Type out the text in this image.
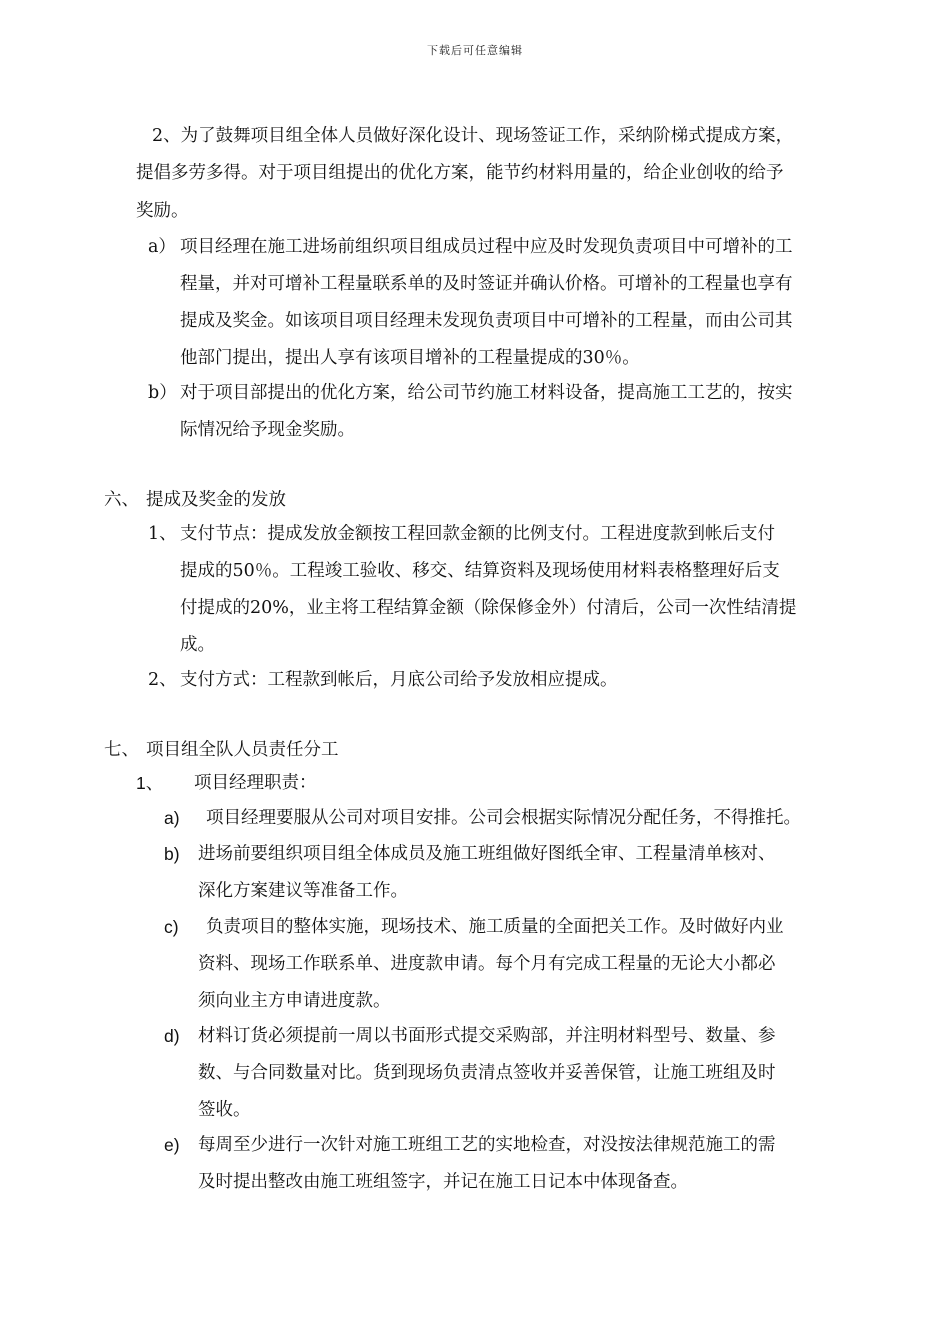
下载后可任意编辑
2、为了鼓舞项目组全体人员做好深化设计、现场签证工作，采纳阶梯式提成方案，
提倡多劳多得。对于项目组提出的优化方案，能节约材料用量的，给企业创收的给予
奖励。
a） 项目经理在施工进场前组织项目组成员过程中应及时发现负责项目中可增补的工
程量，并对可增补工程量联系单的及时签证并确认价格。可增补的工程量也享有
提成及奖金。如该项目项目经理未发现负责项目中可增补的工程量，而由公司其
他部门提出，提出人享有该项目增补的工程量提成的30％。
b） 对于项目部提出的优化方案，给公司节约施工材料设备，提高施工工艺的，按实
际情况给予现金奖励。
六、 提成及奖金的发放
1、 支付节点：提成发放金额按工程回款金额的比例支付。工程进度款到帐后支付
提成的50％。工程竣工验收、移交、结算资料及现场使用材料表格整理好后支
付提成的20%，业主将工程结算金额（除保修金外）付清后，公司一次性结清提
成。
2、 支付方式：工程款到帐后，月底公司给予发放相应提成。
七、 项目组全队人员责任分工
1、 项目经理职责：
a) 项目经理要服从公司对项目安排。公司会根据实际情况分配任务，不得推托。
b) 进场前要组织项目组全体成员及施工班组做好图纸全审、工程量清单核对、
深化方案建议等准备工作。
c) 负责项目的整体实施，现场技术、施工质量的全面把关工作。及时做好内业
资料、现场工作联系单、进度款申请。每个月有完成工程量的无论大小都必
须向业主方申请进度款。
d) 材料订货必须提前一周以书面形式提交采购部，并注明材料型号、数量、参
数、与合同数量对比。货到现场负责清点签收并妥善保管，让施工班组及时
签收。
e) 每周至少进行一次针对施工班组工艺的实地检查，对没按法律规范施工的需
及时提出整改由施工班组签字，并记在施工日记本中体现备查。
